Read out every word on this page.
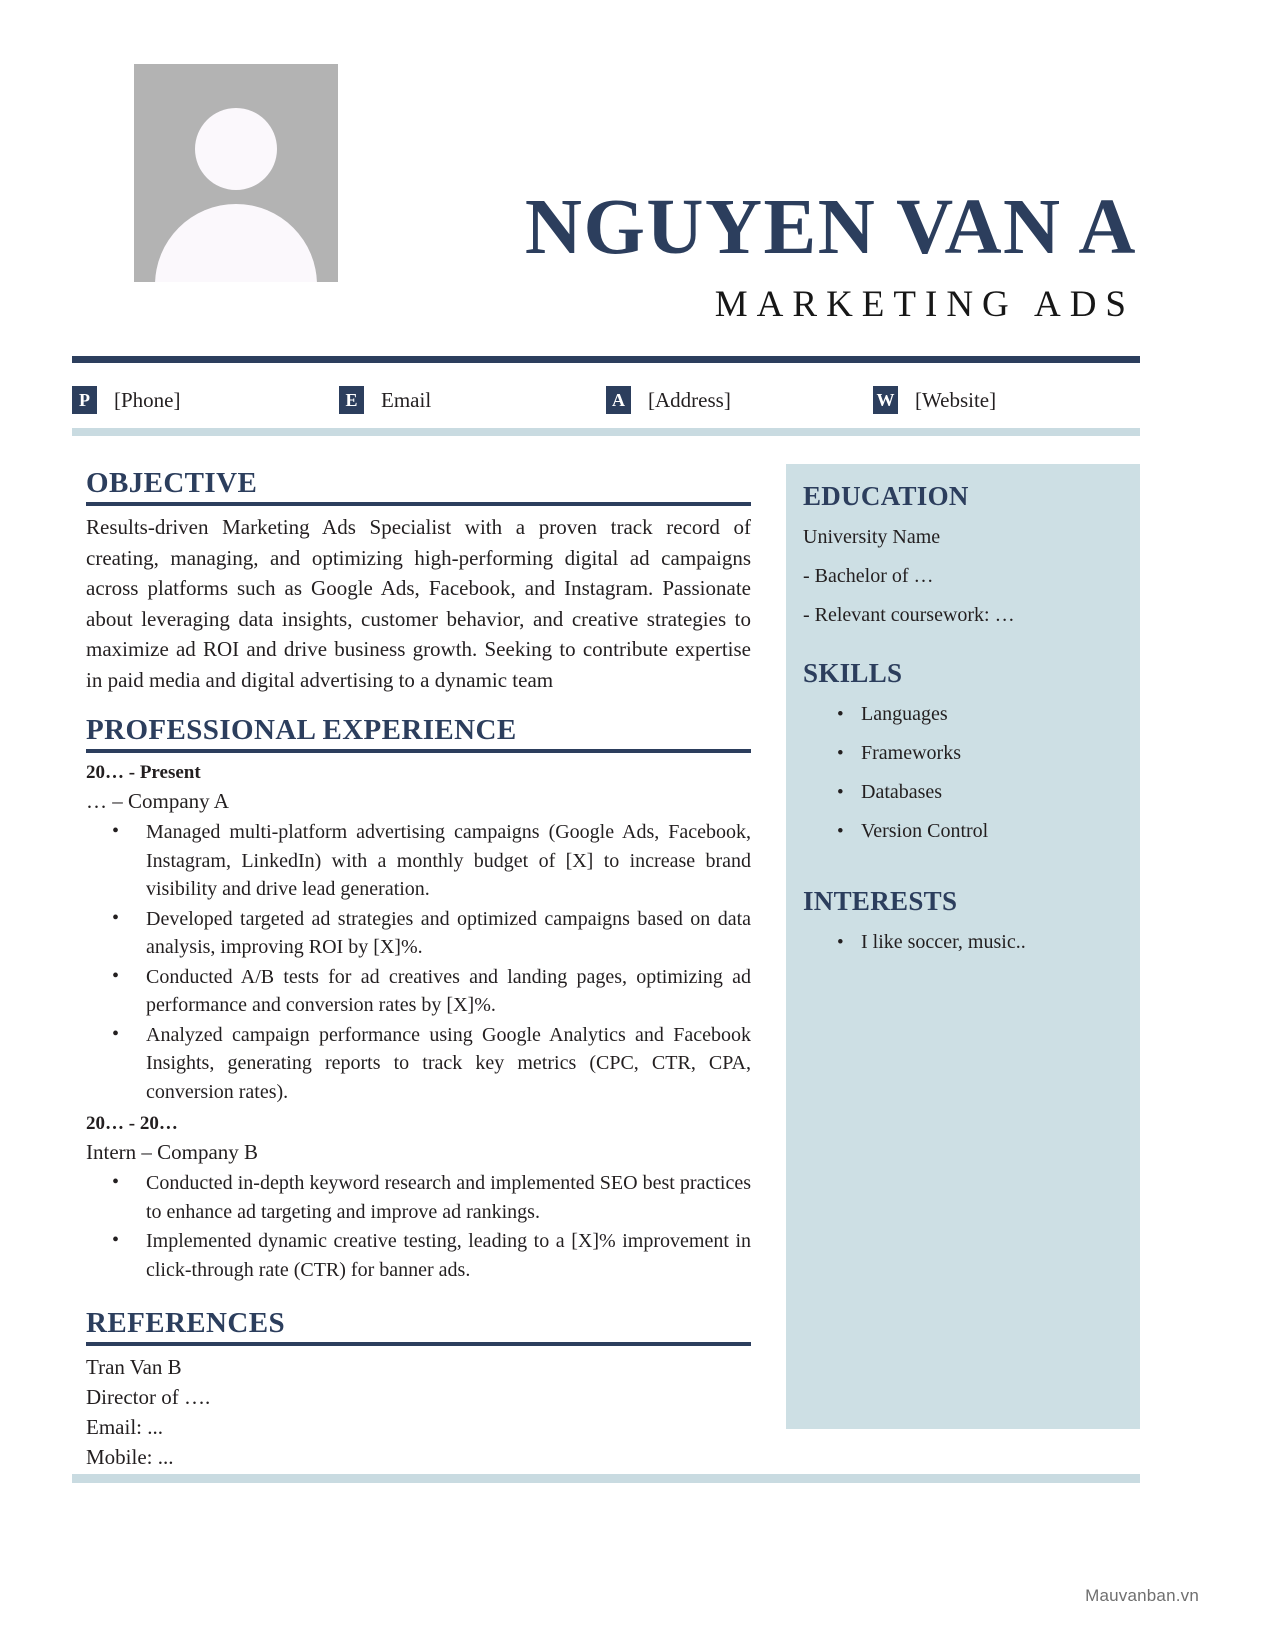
NGUYEN VAN A
MARKETING ADS
P	[Phone]	E	Email	A [Address]	W [Website]
OBJECTIVE

Results-driven Marketing Ads Specialist with a proven track record of creating, managing, and optimizing high-performing digital ad campaigns across platforms such as Google Ads, Facebook, and Instagram. Passionate about leveraging data insights, customer behavior, and creative strategies to maximize ad ROI and drive business growth. Seeking to contribute expertise in paid media and digital advertising to a dynamic team

PROFESSIONAL EXPERIENCE

20… - Present

… – Company A

• Managed multi-platform advertising campaigns (Google Ads, Facebook, Instagram, LinkedIn) with a monthly budget of [X] to increase brand visibility and drive lead generation.
• Developed targeted ad strategies and optimized campaigns based on data analysis, improving ROI by [X]%.
• Conducted A/B tests for ad creatives and landing pages, optimizing ad performance and conversion rates by [X]%.
• Analyzed campaign performance using Google Analytics and Facebook Insights, generating reports to track key metrics (CPC, CTR, CPA, conversion rates).

20… - 20…

Intern – Company B

• Conducted in-depth keyword research and implemented SEO best practices to enhance ad targeting and improve ad rankings.
• Implemented dynamic creative testing, leading to a [X]% improvement in click-through rate (CTR) for banner ads.
REFERENCES

Tran Van B

Director of ….

Email: ...

Mobile: ...

EDUCATION

University Name

- Bachelor of …

- Relevant coursework: …

SKILLS
• Languages
• Frameworks
• Databases
• Version Control
INTERESTS
• I like soccer, music..
Mauvanban.vn
